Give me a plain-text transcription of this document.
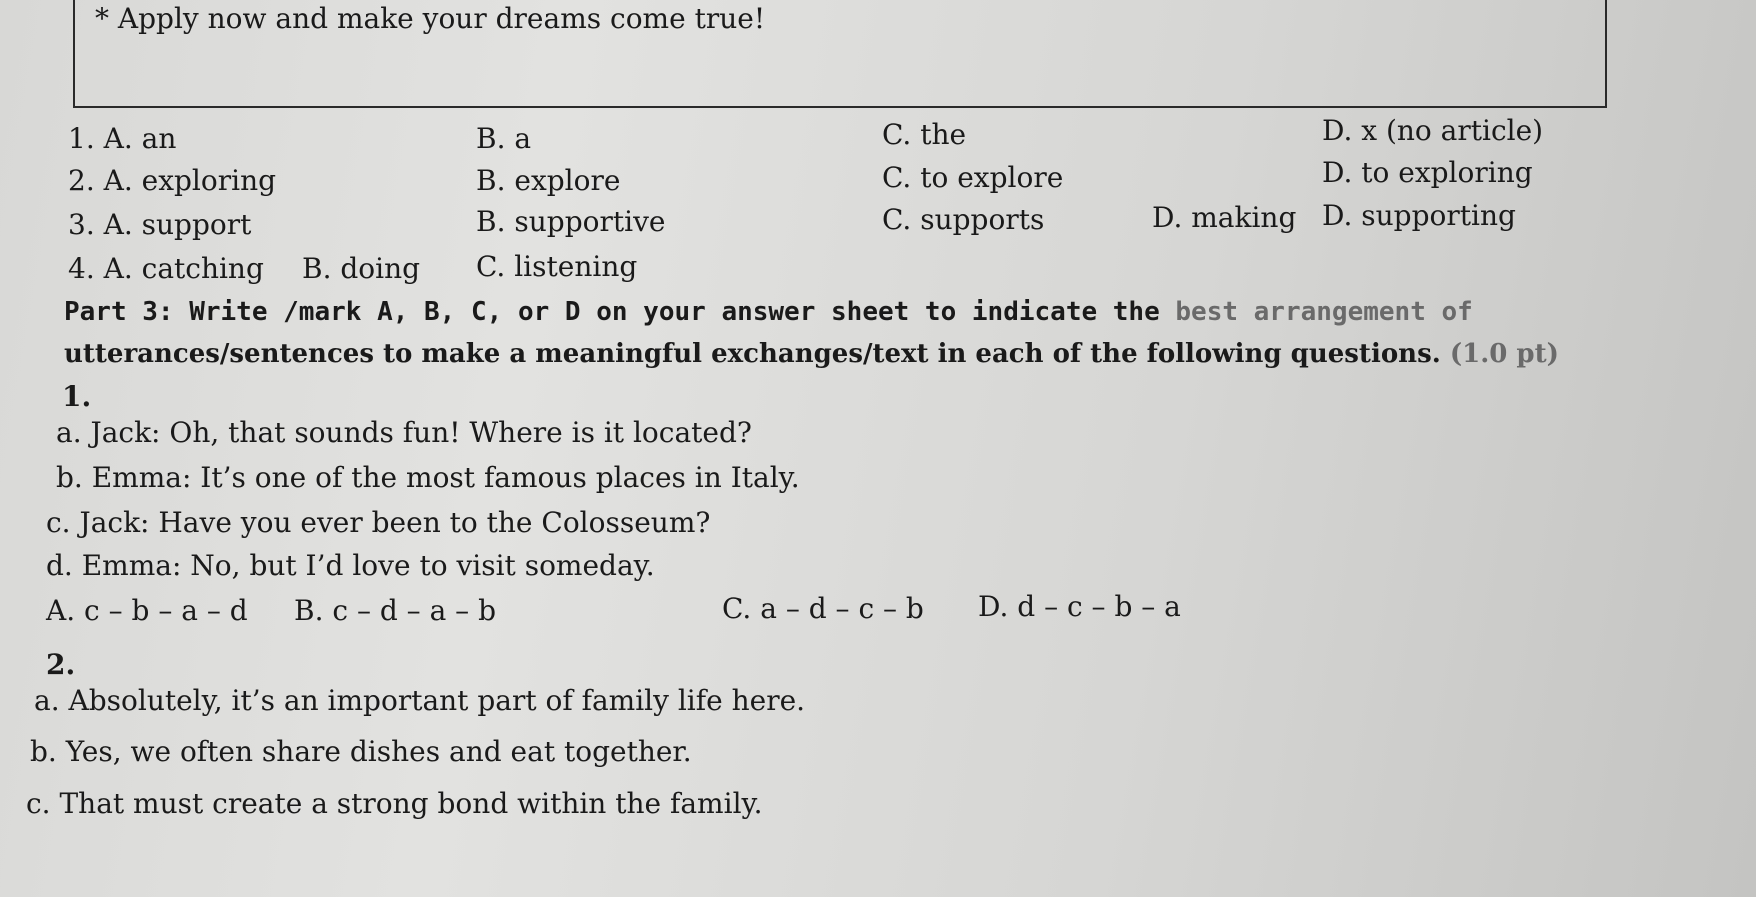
* Apply now and make your dreams come true!
1. A. an	B. a	C. the	D. x (no article)
2. A. exploring	B. explore	C. to explore	D. to exploring
3. A. support	B. supportive	C. supports	D. making D. supporting
4. A. catching B. doing C. listening
Part 3: Write /mark A, B, C, or D on your answer sheet to indicate the best arrangement of
utterances/sentences to make a meaningful exchanges/text in each of the following questions. (1.0 pt)
1.
a. Jack: Oh, that sounds fun! Where is it located?
b. Emma: It’s one of the most famous places in Italy.
c. Jack: Have you ever been to the Colosseum?
d. Emma: No, but I’d love to visit someday.
A. c – b – a – d B. c – d – a – b	C. a – d – c – b D. d – c – b – a
2.
a. Absolutely, it’s an important part of family life here.
b. Yes, we often share dishes and eat together.
c. That must create a strong bond within the family.
